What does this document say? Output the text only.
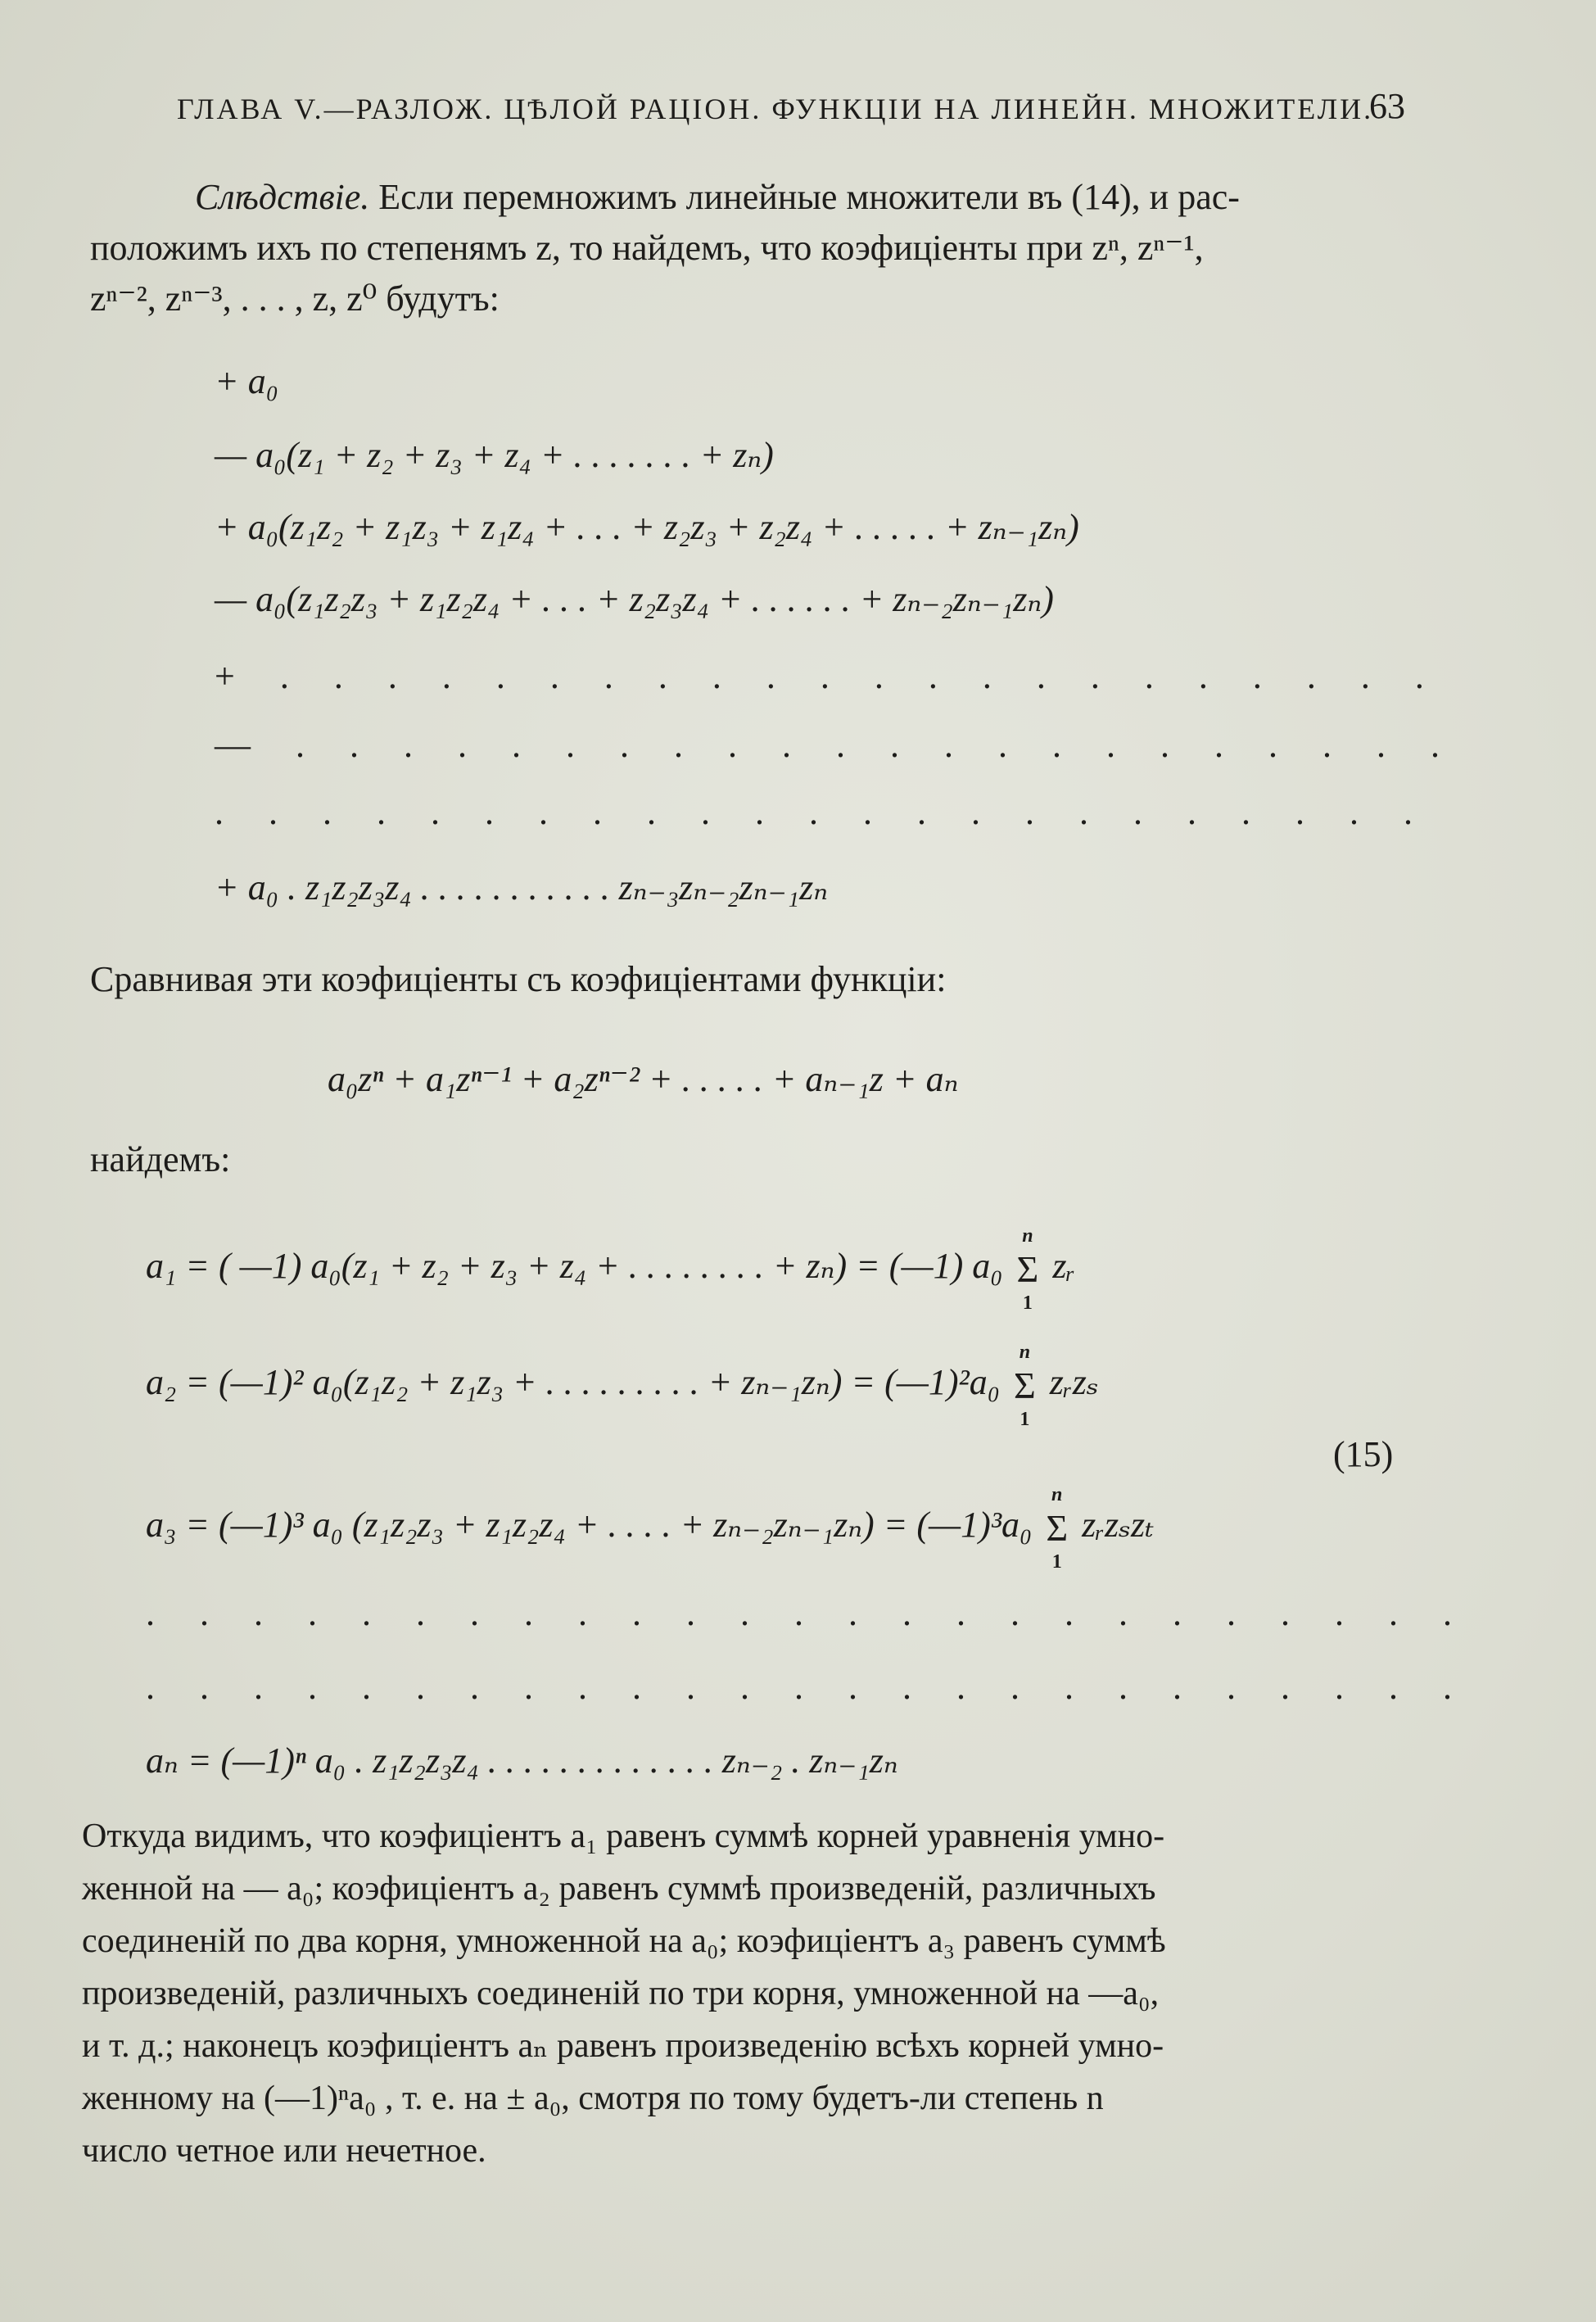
ГЛАВА V.—РАЗЛОЖ. ЦѢЛОЙ РАЦІОН. ФУНКЦІИ НА ЛИНЕЙН. МНОЖИТЕЛИ.
63

Слѣдствіе. Если перемножимъ линейные множители въ (14), и рас-

положимъ ихъ по степенямъ z, то найдемъ, что коэфиціенты при zⁿ, zⁿ⁻¹,

zⁿ⁻², zⁿ⁻³, . . . , z, z⁰ будутъ:

+ a₀
— a₀(z₁ + z₂ + z₃ + z₄ + . . . . . . . + zₙ)
+ a₀(z₁z₂ + z₁z₃ + z₁z₄ + . . . + z₂z₃ + z₂z₄ + . . . . . + zₙ₋₁zₙ)
— a₀(z₁z₂z₃ + z₁z₂z₄ + . . . + z₂z₃z₄ + . . . . . . + zₙ₋₂zₙ₋₁zₙ)
+ . . . . . . . . . . . . . . . . . . . . . .
— . . . . . . . . . . . . . . . . . . . . . .
. . . . . . . . . . . . . . . . . . . . . . .
+ a₀ . z₁z₂z₃z₄ . . . . . . . . . . . zₙ₋₃zₙ₋₂zₙ₋₁zₙ
Сравнивая эти коэфиціенты съ коэфиціентами функціи:
a₀zⁿ + a₁zⁿ⁻¹ + a₂zⁿ⁻² + . . . . . + aₙ₋₁z + aₙ
найдемъ:
a₁ = ( —1) a₀(z₁ + z₂ + z₃ + z₄ + . . . . . . . . + zₙ) = (—1) a₀ Σ
n
1
zᵣ
a₂ = (—1)² a₀(z₁z₂ + z₁z₃ + . . . . . . . . . + zₙ₋₁zₙ) = (—1)²a₀ Σ
n
1
zᵣzₛ
(15)
a₃ = (—1)³ a₀ (z₁z₂z₃ + z₁z₂z₄ + . . . . + zₙ₋₂zₙ₋₁zₙ) = (—1)³a₀ Σ
n
1
zᵣzₛzₜ
. . . . . . . . . . . . . . . . . . . . . . . . .
. . . . . . . . . . . . . . . . . . . . . . . . .
aₙ = (—1)ⁿ a₀ . z₁z₂z₃z₄ . . . . . . . . . . . . . zₙ₋₂ . zₙ₋₁zₙ

Откуда видимъ, что коэфиціентъ a₁ равенъ суммѣ корней уравненія умно-

женной на — a₀; коэфиціентъ a₂ равенъ суммѣ произведеній, различныхъ

соединеній по два корня, умноженной на a₀; коэфиціентъ a₃ равенъ суммѣ

произведеній, различныхъ соединеній по три корня, умноженной на —a₀,

и т. д.; наконецъ коэфиціентъ aₙ равенъ произведенію всѣхъ корней умно-

женному на (—1)ⁿa₀ , т. е. на ± a₀, смотря по тому будетъ-ли степень n

число четное или нечетное.
